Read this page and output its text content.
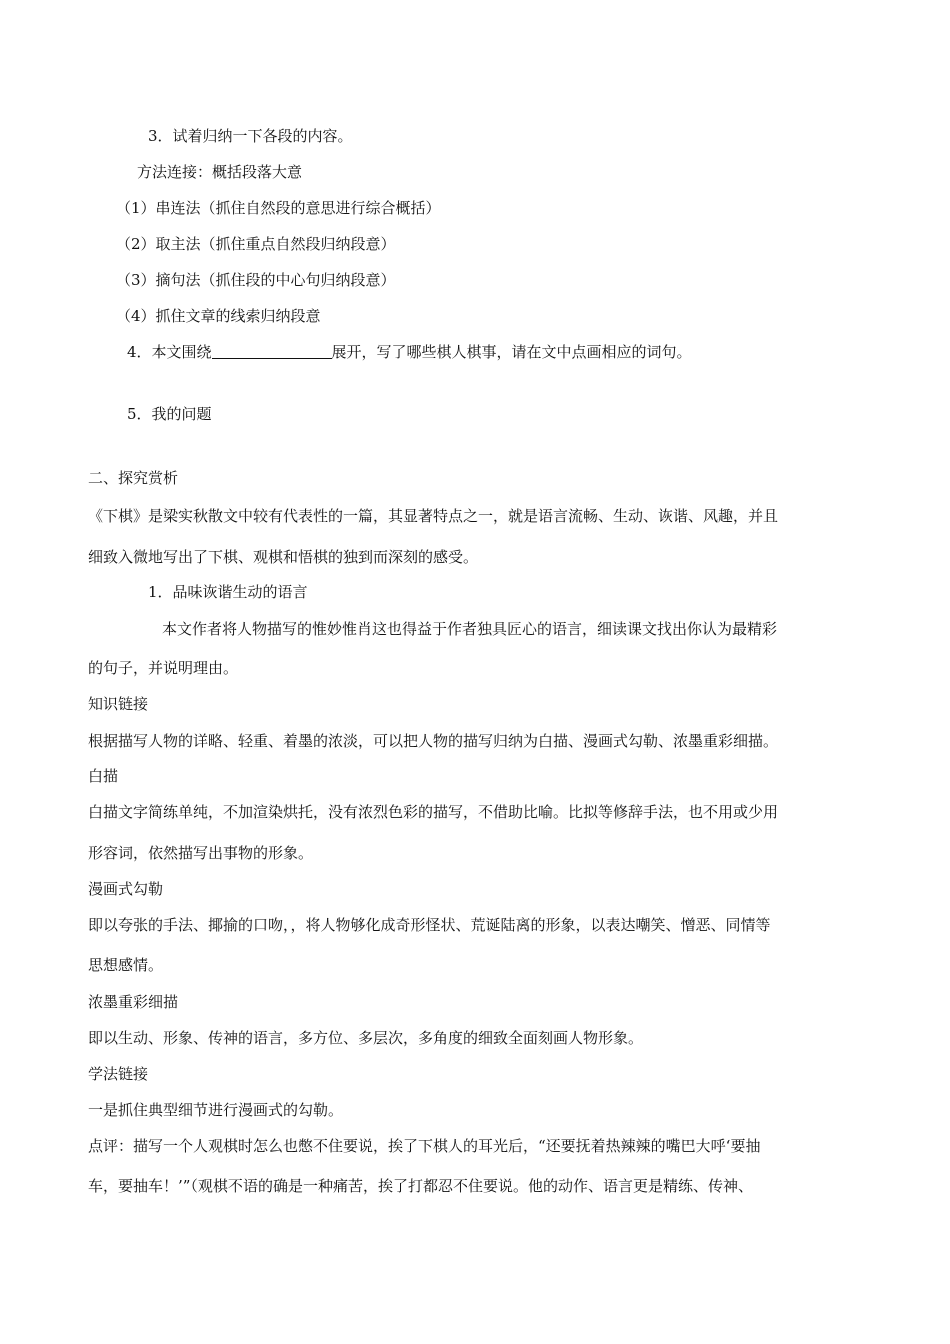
3．试着归纳一下各段的内容。
方法连接：概括段落大意
（1）串连法（抓住自然段的意思进行综合概括）
（2）取主法（抓住重点自然段归纳段意）
（3）摘句法（抓住段的中心句归纳段意）
（4）抓住文章的线索归纳段意
4．本文围绕	展开，写了哪些棋人棋事，请在文中点画相应的词句。
5．我的问题
二、探究赏析
《下棋》是梁实秋散文中较有代表性的一篇，其显著特点之一，就是语言流畅、生动、诙谐、风趣，并且
细致入微地写出了下棋、观棋和悟棋的独到而深刻的感受。
1．品味诙谐生动的语言
本文作者将人物描写的惟妙惟肖这也得益于作者独具匠心的语言，细读课文找出你认为最精彩
的句子，并说明理由。
知识链接
根据描写人物的详略、轻重、着墨的浓淡，可以把人物的描写归纳为白描、漫画式勾勒、浓墨重彩细描。
白描
白描文字简练单纯，不加渲染烘托，没有浓烈色彩的描写，不借助比喻。比拟等修辞手法，也不用或少用
形容词，依然描写出事物的形象。
漫画式勾勒
即以夸张的手法、揶揄的口吻，，将人物够化成奇形怪状、荒诞陆离的形象，以表达嘲笑、憎恶、同情等
思想感情。
浓墨重彩细描
即以生动、形象、传神的语言，多方位、多层次，多角度的细致全面刻画人物形象。
学法链接
一是抓住典型细节进行漫画式的勾勒。
点评：描写一个人观棋时怎么也憋不住要说，挨了下棋人的耳光后，“还要抚着热辣辣的嘴巴大呼‘要抽
车，要抽车！’”（观棋不语的确是一种痛苦，挨了打都忍不住要说。他的动作、语言更是精练、传神、
